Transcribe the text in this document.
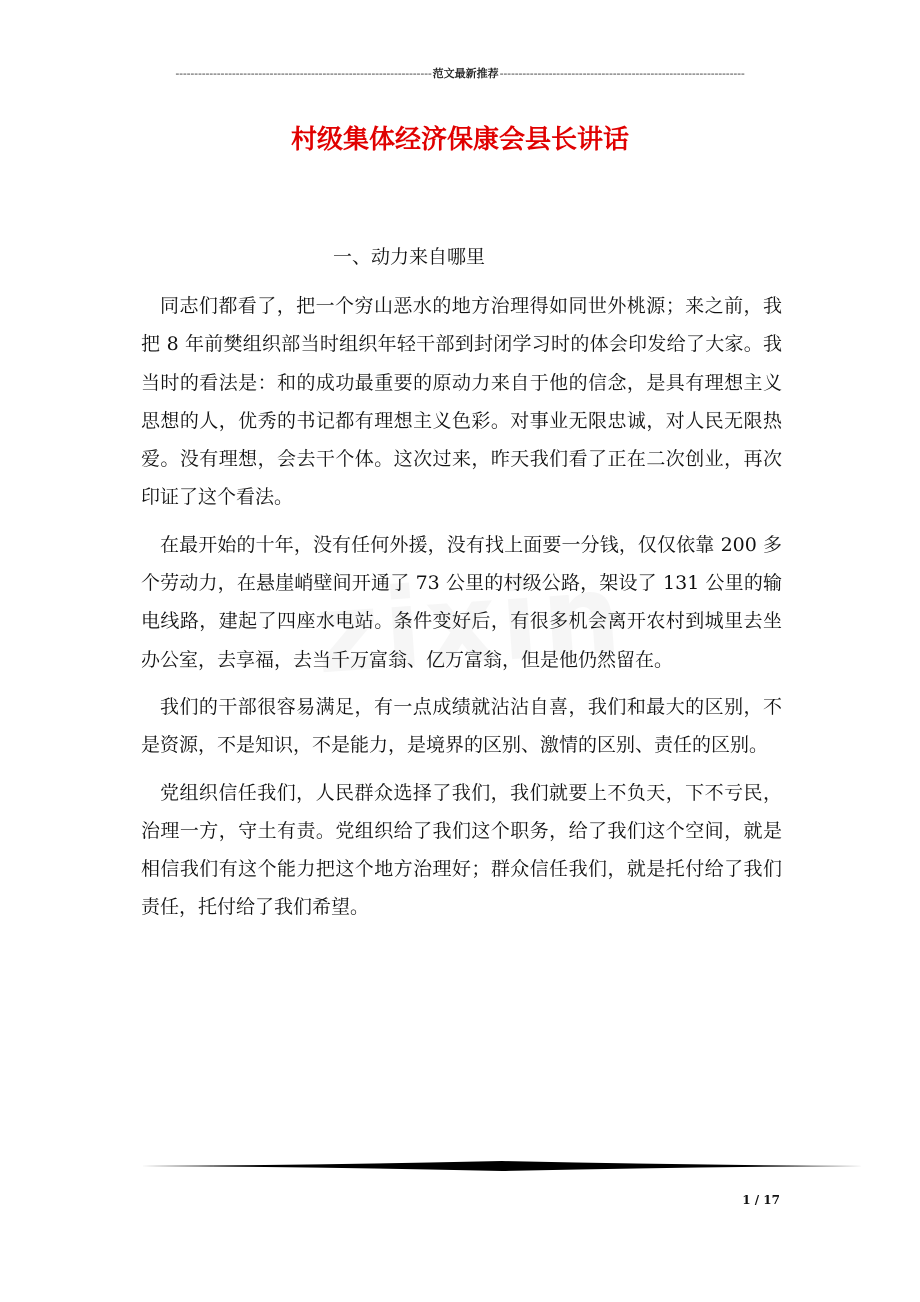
--------------------------------------------------------------------范文最新推荐-----------------------------------------------------------------
村级集体经济保康会县长讲话
一、动力来自哪里

同志们都看了，把一个穷山恶水的地方治理得如同世外桃源；来之前，我把 8 年前樊组织部当时组织年轻干部到封闭学习时的体会印发给了大家。我当时的看法是：和的成功最重要的原动力来自于他的信念，是具有理想主义思想的人，优秀的书记都有理想主义色彩。对事业无限忠诚，对人民无限热爱。没有理想，会去干个体。这次过来，昨天我们看了正在二次创业，再次印证了这个看法。

在最开始的十年，没有任何外援，没有找上面要一分钱，仅仅依靠 200 多个劳动力，在悬崖峭壁间开通了 73 公里的村级公路，架设了 131 公里的输电线路，建起了四座水电站。条件变好后，有很多机会离开农村到城里去坐办公室，去享福，去当千万富翁、亿万富翁，但是他仍然留在。

我们的干部很容易满足，有一点成绩就沾沾自喜，我们和最大的区别，不是资源，不是知识，不是能力，是境界的区别、激情的区别、责任的区别。

党组织信任我们，人民群众选择了我们，我们就要上不负天，下不亏民，治理一方，守土有责。党组织给了我们这个职务，给了我们这个空间，就是相信我们有这个能力把这个地方治理好；群众信任我们，就是托付给了我们责任，托付给了我们希望。

1 / 17
